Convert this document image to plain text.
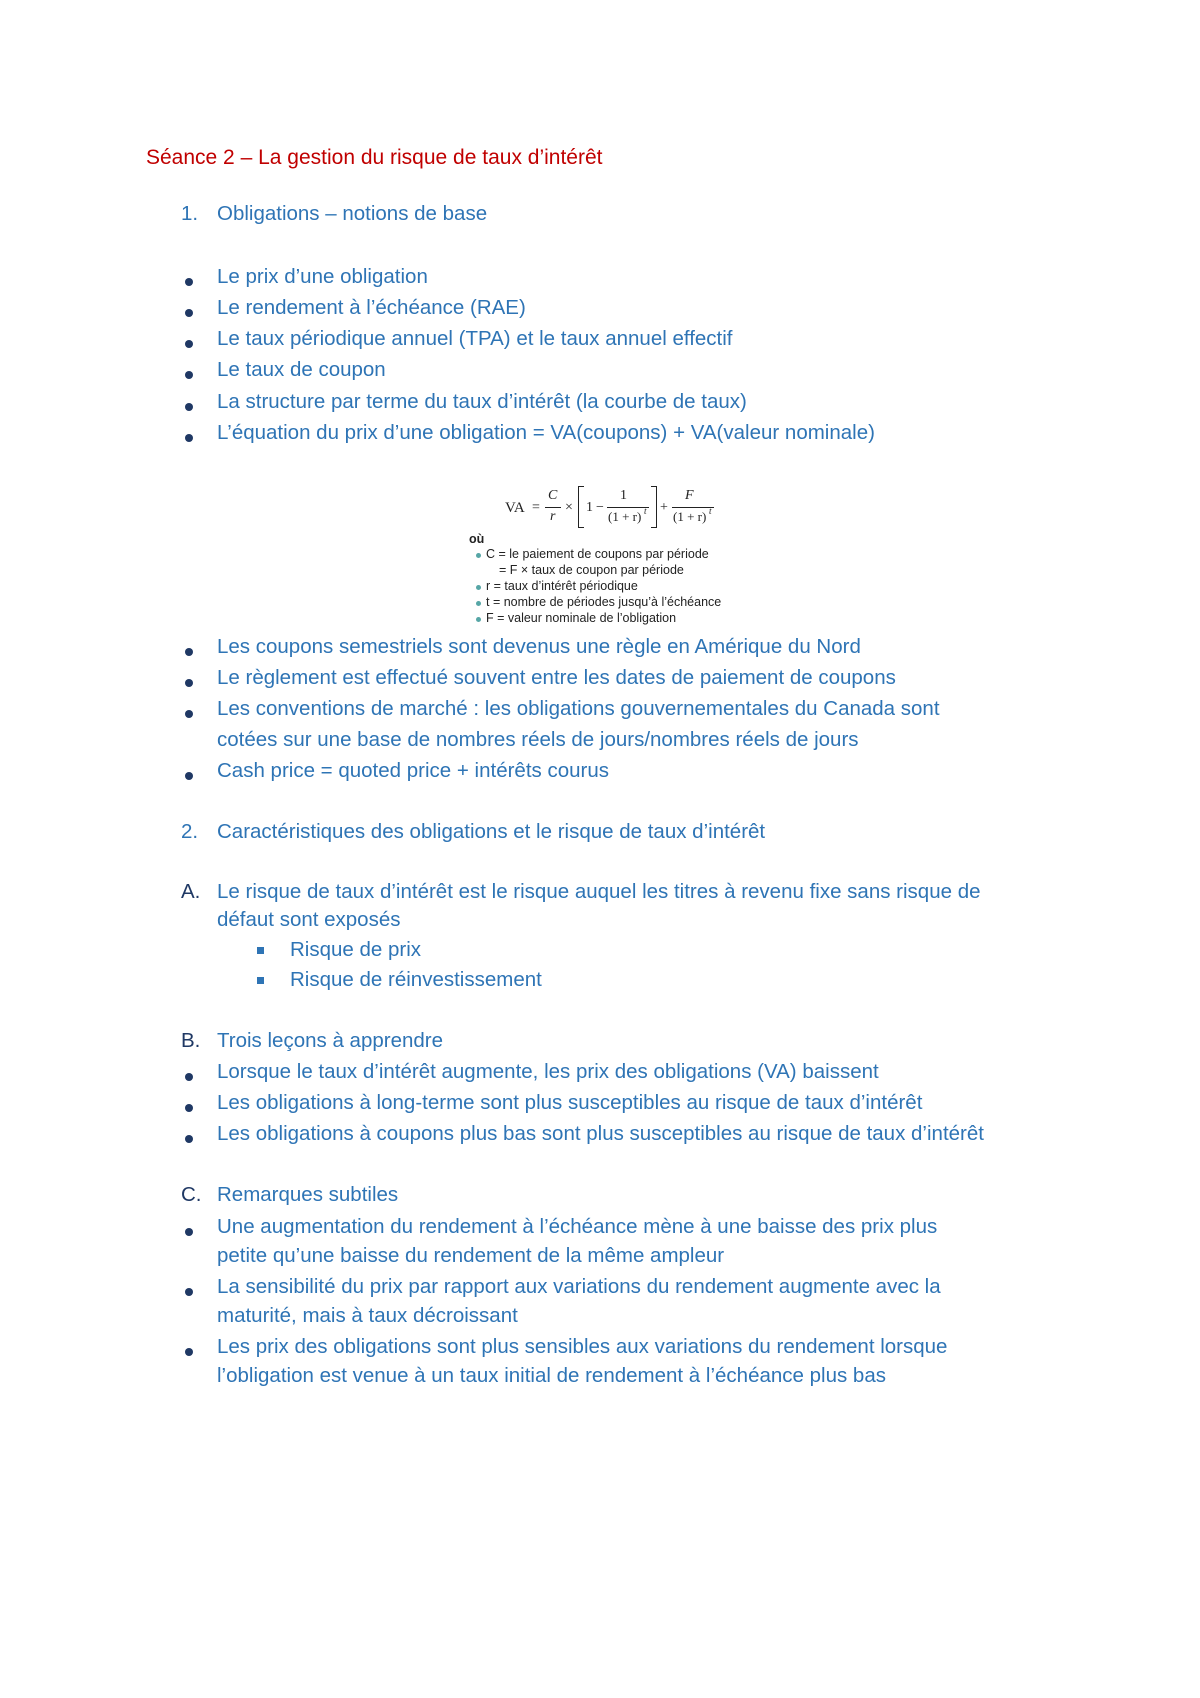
Séance 2 – La gestion du risque de taux d’intérêt
1. Obligations – notions de base
Le prix d’une obligation
Le rendement à l’échéance (RAE)
Le taux périodique annuel (TPA) et le taux annuel effectif
Le taux de coupon
La structure par terme du taux d’intérêt (la courbe de taux)
L’équation du prix d’une obligation = VA(coupons) + VA(valeur nominale)
VA =
C
r
× 1 −
1
(1 + r) t +
F
(1 + r) t
où
C = le paiement de coupons par période
= F × taux de coupon par période
r = taux d’intérêt périodique
t = nombre de périodes jusqu’à l’échéance
F = valeur nominale de l’obligation
Les coupons semestriels sont devenus une règle en Amérique du Nord
Le règlement est effectué souvent entre les dates de paiement de coupons
Les conventions de marché : les obligations gouvernementales du Canada sont
cotées sur une base de nombres réels de jours/nombres réels de jours
Cash price = quoted price + intérêts courus
2. Caractéristiques des obligations et le risque de taux d’intérêt
A. Le risque de taux d’intérêt est le risque auquel les titres à revenu fixe sans risque de
défaut sont exposés
Risque de prix
Risque de réinvestissement
B. Trois leçons à apprendre
Lorsque le taux d’intérêt augmente, les prix des obligations (VA) baissent
Les obligations à long-terme sont plus susceptibles au risque de taux d’intérêt
Les obligations à coupons plus bas sont plus susceptibles au risque de taux d’intérêt
C. Remarques subtiles
Une augmentation du rendement à l’échéance mène à une baisse des prix plus
petite qu’une baisse du rendement de la même ampleur
La sensibilité du prix par rapport aux variations du rendement augmente avec la
maturité, mais à taux décroissant
Les prix des obligations sont plus sensibles aux variations du rendement lorsque
l’obligation est venue à un taux initial de rendement à l’échéance plus bas
